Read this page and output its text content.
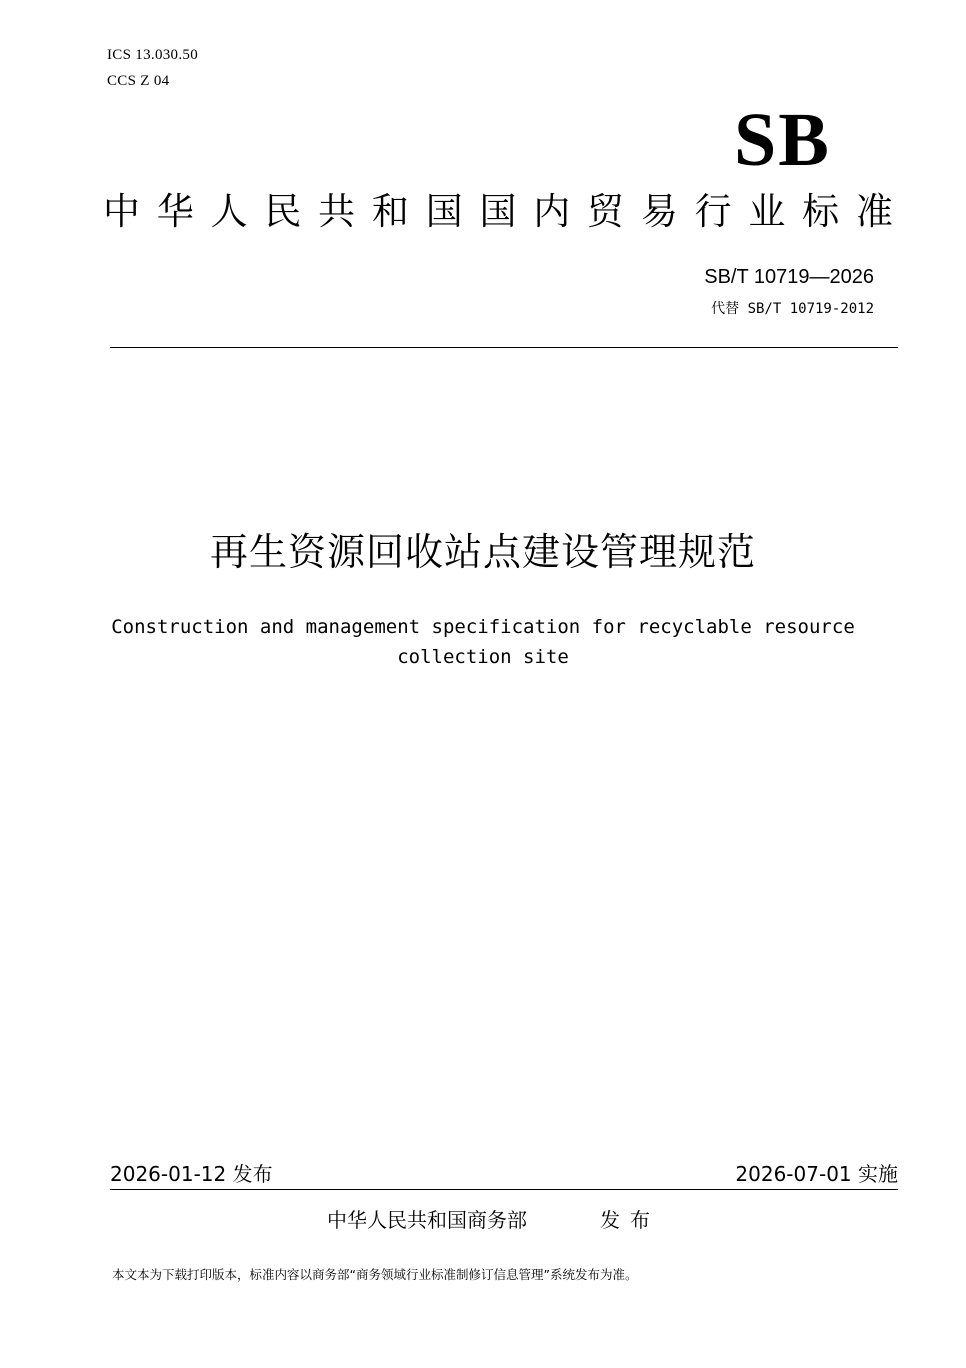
ICS 13.030.50
CCS Z 04
SB
中 华 人 民 共 和 国 国 内 贸 易 行 业 标 准
SB/T 10719—2026
代替 SB/T 10719-2012
再生资源回收站点建设管理规范
Construction and management specification for recyclable resource
collection site
2026-01-12 发布	2026-07-01 实施
中华人民共和国商务部	发布
本文本为下载打印版本，标准内容以商务部“商务领域行业标准制修订信息管理”系统发布为准。
